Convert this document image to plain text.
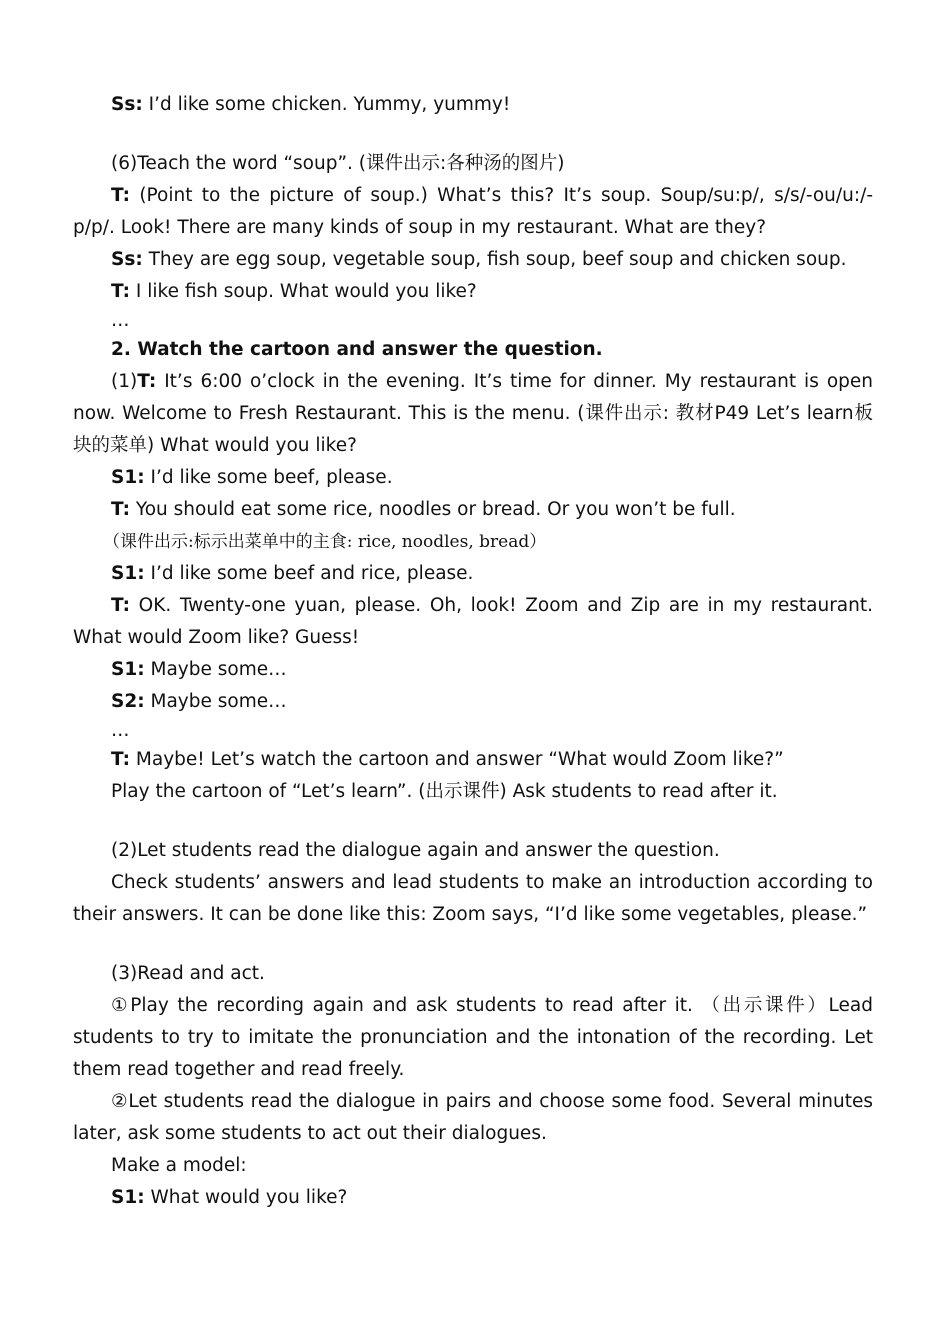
Ss: I’d like some chicken. Yummy, yummy!

(6)Teach the word “soup”. (课件出示:各种汤的图片)

T: (Point to the picture of soup.) What’s this? It’s soup. Soup/su:p/, s/s/-ou/u:/-p/p/. Look! There are many kinds of soup in my restaurant. What are they?

Ss: They are egg soup, vegetable soup, fish soup, beef soup and chicken soup.

T: I like fish soup. What would you like?

…

2. Watch the cartoon and answer the question.

(1)T: It’s 6:00 o’clock in the evening. It’s time for dinner. My restaurant is open now. Welcome to Fresh Restaurant. This is the menu. (课件出示: 教材P49 Let’s learn板块的菜单) What would you like?

S1: I’d like some beef, please.

T: You should eat some rice, noodles or bread. Or you won’t be full.

（课件出示:标示出菜单中的主食: rice, noodles, bread）

S1: I’d like some beef and rice, please.

T: OK. Twenty-one yuan, please. Oh, look! Zoom and Zip are in my restaurant. What would Zoom like? Guess!

S1: Maybe some…

S2: Maybe some…

…

T: Maybe! Let’s watch the cartoon and answer “What would Zoom like?”

Play the cartoon of “Let’s learn”. (出示课件) Ask students to read after it.

(2)Let students read the dialogue again and answer the question.

Check students’ answers and lead students to make an introduction according to their answers. It can be done like this: Zoom says, “I’d like some vegetables, please.”

(3)Read and act.

①Play the recording again and ask students to read after it. （出示课件）Lead students to try to imitate the pronunciation and the intonation of the recording. Let them read together and read freely.

②Let students read the dialogue in pairs and choose some food. Several minutes later, ask some students to act out their dialogues.

Make a model:

S1: What would you like?
